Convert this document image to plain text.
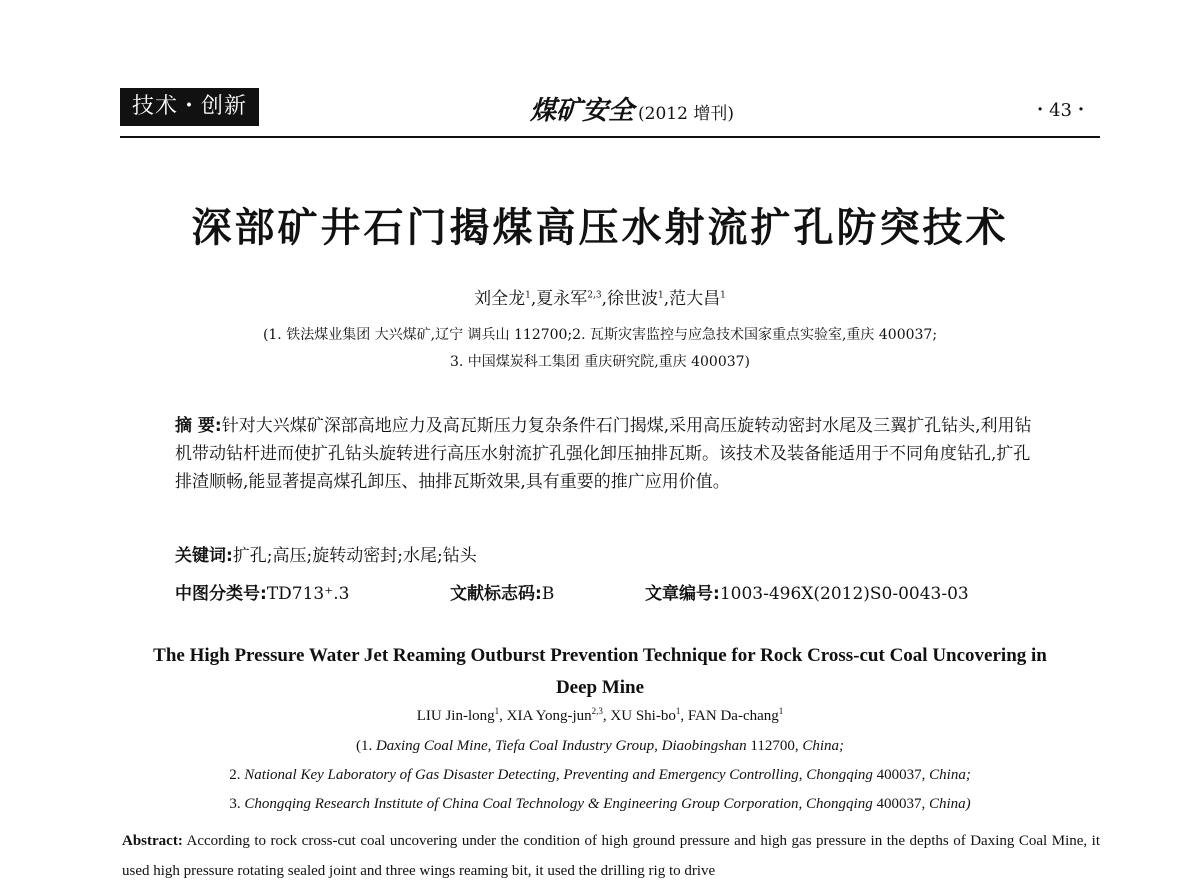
技术・创新	煤矿安全 (2012 增刊)	・43・
深部矿井石门揭煤高压水射流扩孔防突技术
刘全龙$^1$,夏永军$^{2,3}$,徐世波$^1$,范大昌$^1$
(1. 铁法煤业集团 大兴煤矿,辽宁 调兵山 112700;2. 瓦斯灾害监控与应急技术国家重点实验室,重庆 400037;
3. 中国煤炭科工集团 重庆研究院,重庆 400037)

摘 要:针对大兴煤矿深部高地应力及高瓦斯压力复杂条件石门揭煤,采用高压旋转动密封水尾及三翼扩孔钻头,利用钻机带动钻杆进而使扩孔钻头旋转进行高压水射流扩孔强化卸压抽排瓦斯。该技术及装备能适用于不同角度钻孔,扩孔排渣顺畅,能显著提高煤孔卸压、抽排瓦斯效果,具有重要的推广应用价值。

关键词:扩孔;高压;旋转动密封;水尾;钻头

中图分类号:TD713⁺.3	文献标志码:B	文章编号:1003-496X(2012)S0-0043-03

The High Pressure Water Jet Reaming Outburst Prevention Technique for Rock Cross-cut Coal Uncovering in Deep Mine

LIU Jin-long$^1$, XIA Yong-jun$^{2,3}$, XU Shi-$bo^1$, FAN Da-chang$^1$
(1. Daxing Coal Mine, Tiefa Coal Industry Group, Diaobingshan 112700, China;
2. National Key Laboratory of Gas Disaster Detecting, Preventing and Emergency Controlling, Chongqing 400037, China;
3. Chongqing Research Institute of China Coal Technology & Engineering Group Corporation, Chongqing 400037, China)

Abstract: According to rock cross-cut coal uncovering under the condition of high ground pressure and high gas pressure in the depths of Daxing Coal Mine, it used high pressure rotating sealed joint and three wings reaming bit, it used the drilling rig to drive
